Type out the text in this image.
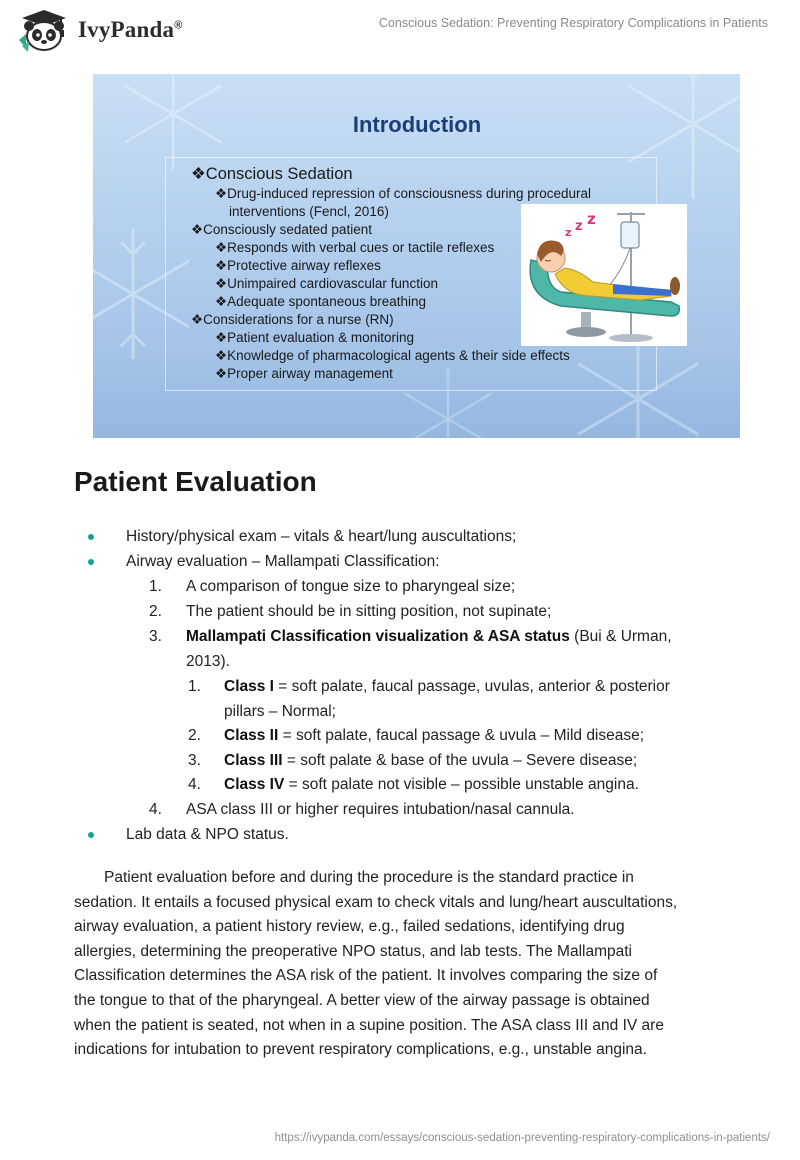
IvyPanda®	Conscious Sedation: Preventing Respiratory Complications in Patients
Introduction
❖Conscious Sedation
❖Drug-induced repression of consciousness during procedural
interventions (Fencl, 2016)
❖Consciously sedated patient
❖Responds with verbal cues or tactile reflexes
❖Protective airway reflexes
❖Unimpaired cardiovascular function
❖Adequate spontaneous breathing
❖Considerations for a nurse (RN)
❖Patient evaluation & monitoring
❖Knowledge of pharmacological agents & their side effects
❖Proper airway management
z z z
Patient Evaluation
History/physical exam – vitals & heart/lung auscultations;
Airway evaluation – Mallampati Classification:
1. A comparison of tongue size to pharyngeal size;
2. The patient should be in sitting position, not supinate;
3. Mallampati Classification visualization & ASA status (Bui & Urman,
2013).
1. Class I = soft palate, faucal passage, uvulas, anterior & posterior
pillars – Normal;
2. Class II = soft palate, faucal passage & uvula – Mild disease;
3. Class III = soft palate & base of the uvula – Severe disease;
4. Class IV = soft palate not visible – possible unstable angina.
4. ASA class III or higher requires intubation/nasal cannula.
Lab data & NPO status.

Patient evaluation before and during the procedure is the standard practice in

sedation. It entails a focused physical exam to check vitals and lung/heart auscultations,

airway evaluation, a patient history review, e.g., failed sedations, identifying drug

allergies, determining the preoperative NPO status, and lab tests. The Mallampati

Classification determines the ASA risk of the patient. It involves comparing the size of

the tongue to that of the pharyngeal. A better view of the airway passage is obtained

when the patient is seated, not when in a supine position. The ASA class III and IV are

indications for intubation to prevent respiratory complications, e.g., unstable angina.

https://ivypanda.com/essays/conscious-sedation-preventing-respiratory-complications-in-patients/
